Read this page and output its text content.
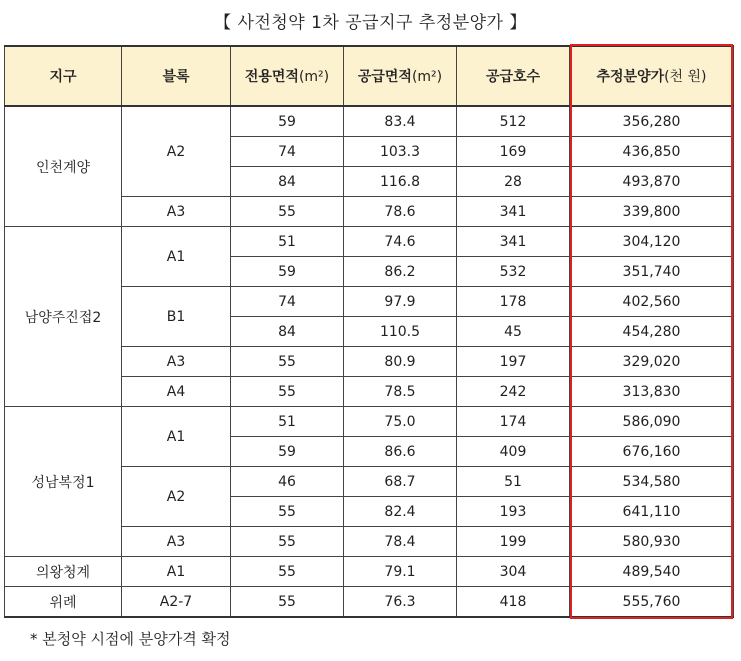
【 사전청약 1차 공급지구 추정분양가 】
지구	블록	전용면적(m²)	공급면적(m²)	공급호수	추정분양가(천 원)
인천계양	A2	59	83.4	512	356,280
		74	103.3	169	436,850
		84	116.8	28	493,870
	A3	55	78.6	341	339,800
남양주진접2	A1	51	74.6	341	304,120
		59	86.2	532	351,740
	B1	74	97.9	178	402,560
		84	110.5	45	454,280
	A3	55	80.9	197	329,020
	A4	55	78.5	242	313,830
성남복정1	A1	51	75.0	174	586,090
		59	86.6	409	676,160
	A2	46	68.7	51	534,580
		55	82.4	193	641,110
	A3	55	78.4	199	580,930
의왕청계	A1	55	79.1	304	489,540
위례	A2-7	55	76.3	418	555,760
* 본청약 시점에 분양가격 확정
